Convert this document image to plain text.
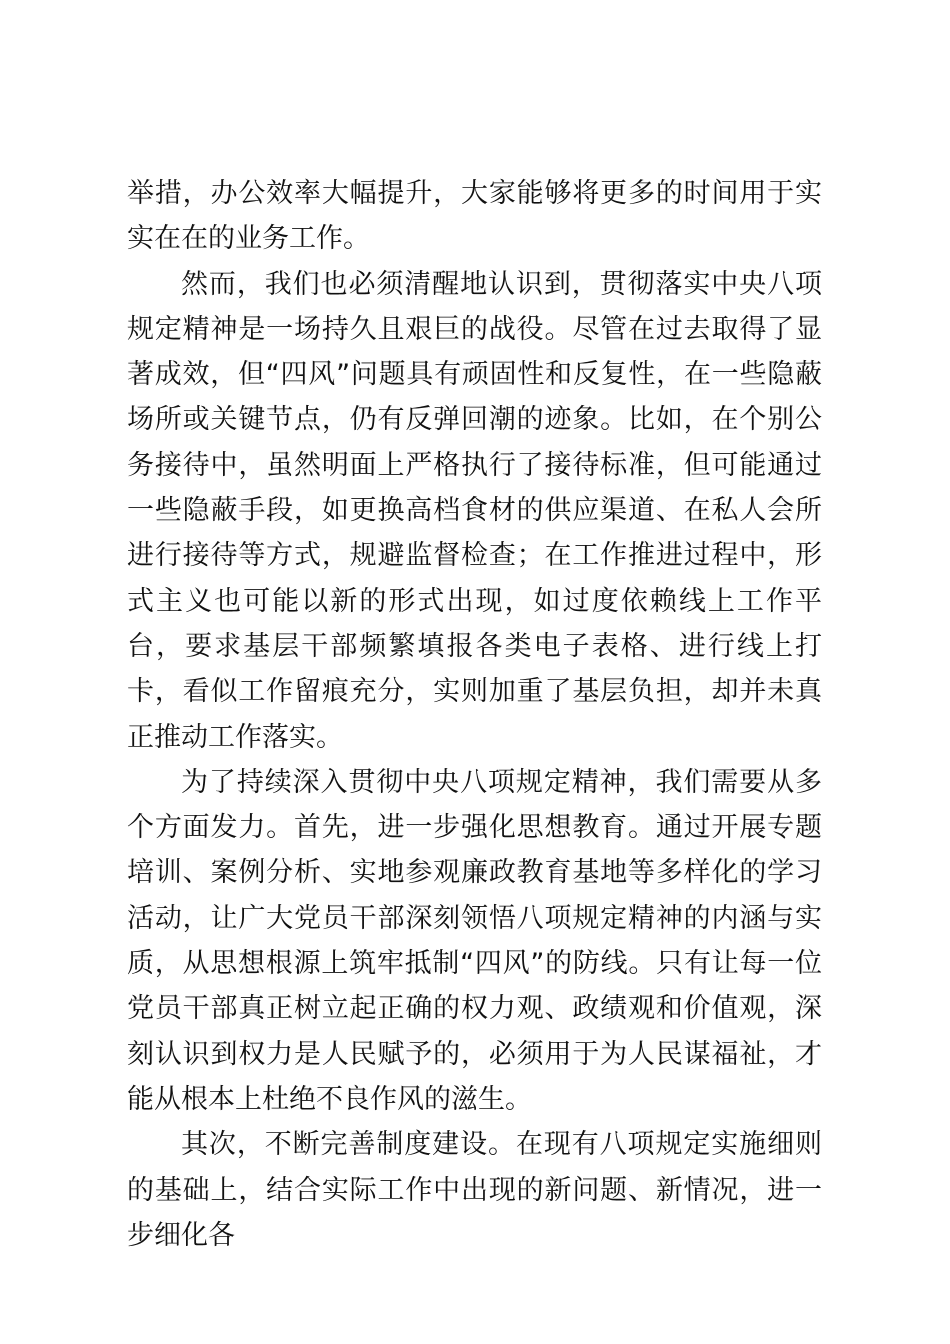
举措，办公效率大幅提升，大家能够将更多的时间用于实实在在的业务工作。

然而，我们也必须清醒地认识到，贯彻落实中央八项规定精神是一场持久且艰巨的战役。尽管在过去取得了显著成效，但“四风”问题具有顽固性和反复性，在一些隐蔽场所或关键节点，仍有反弹回潮的迹象。比如，在个别公务接待中，虽然明面上严格执行了接待标准，但可能通过一些隐蔽手段，如更换高档食材的供应渠道、在私人会所进行接待等方式，规避监督检查；在工作推进过程中，形式主义也可能以新的形式出现，如过度依赖线上工作平台，要求基层干部频繁填报各类电子表格、进行线上打卡，看似工作留痕充分，实则加重了基层负担，却并未真正推动工作落实。

为了持续深入贯彻中央八项规定精神，我们需要从多个方面发力。首先，进一步强化思想教育。通过开展专题培训、案例分析、实地参观廉政教育基地等多样化的学习活动，让广大党员干部深刻领悟八项规定精神的内涵与实质，从思想根源上筑牢抵制“四风”的防线。只有让每一位党员干部真正树立起正确的权力观、政绩观和价值观，深刻认识到权力是人民赋予的，必须用于为人民谋福祉，才能从根本上杜绝不良作风的滋生。

其次，不断完善制度建设。在现有八项规定实施细则的基础上，结合实际工作中出现的新问题、新情况，进一步细化各
